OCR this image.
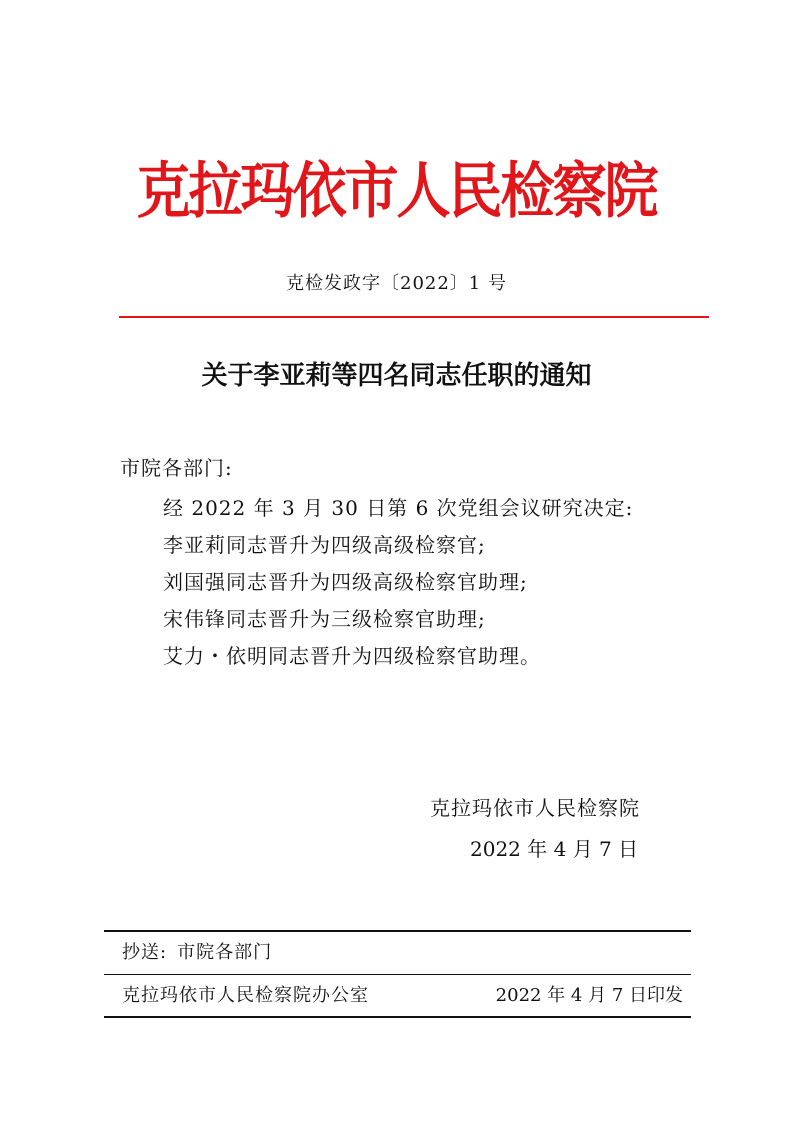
克拉玛依市人民检察院
克检发政字〔2022〕1 号
关于李亚莉等四名同志任职的通知
市院各部门:
经 2022 年 3 月 30 日第 6 次党组会议研究决定:
李亚莉同志晋升为四级高级检察官;
刘国强同志晋升为四级高级检察官助理;
宋伟锋同志晋升为三级检察官助理;
艾力・依明同志晋升为四级检察官助理。
克拉玛依市人民检察院
2022 年 4 月 7 日
抄送: 市院各部门
克拉玛依市人民检察院办公室	2022 年 4 月 7 日印发
